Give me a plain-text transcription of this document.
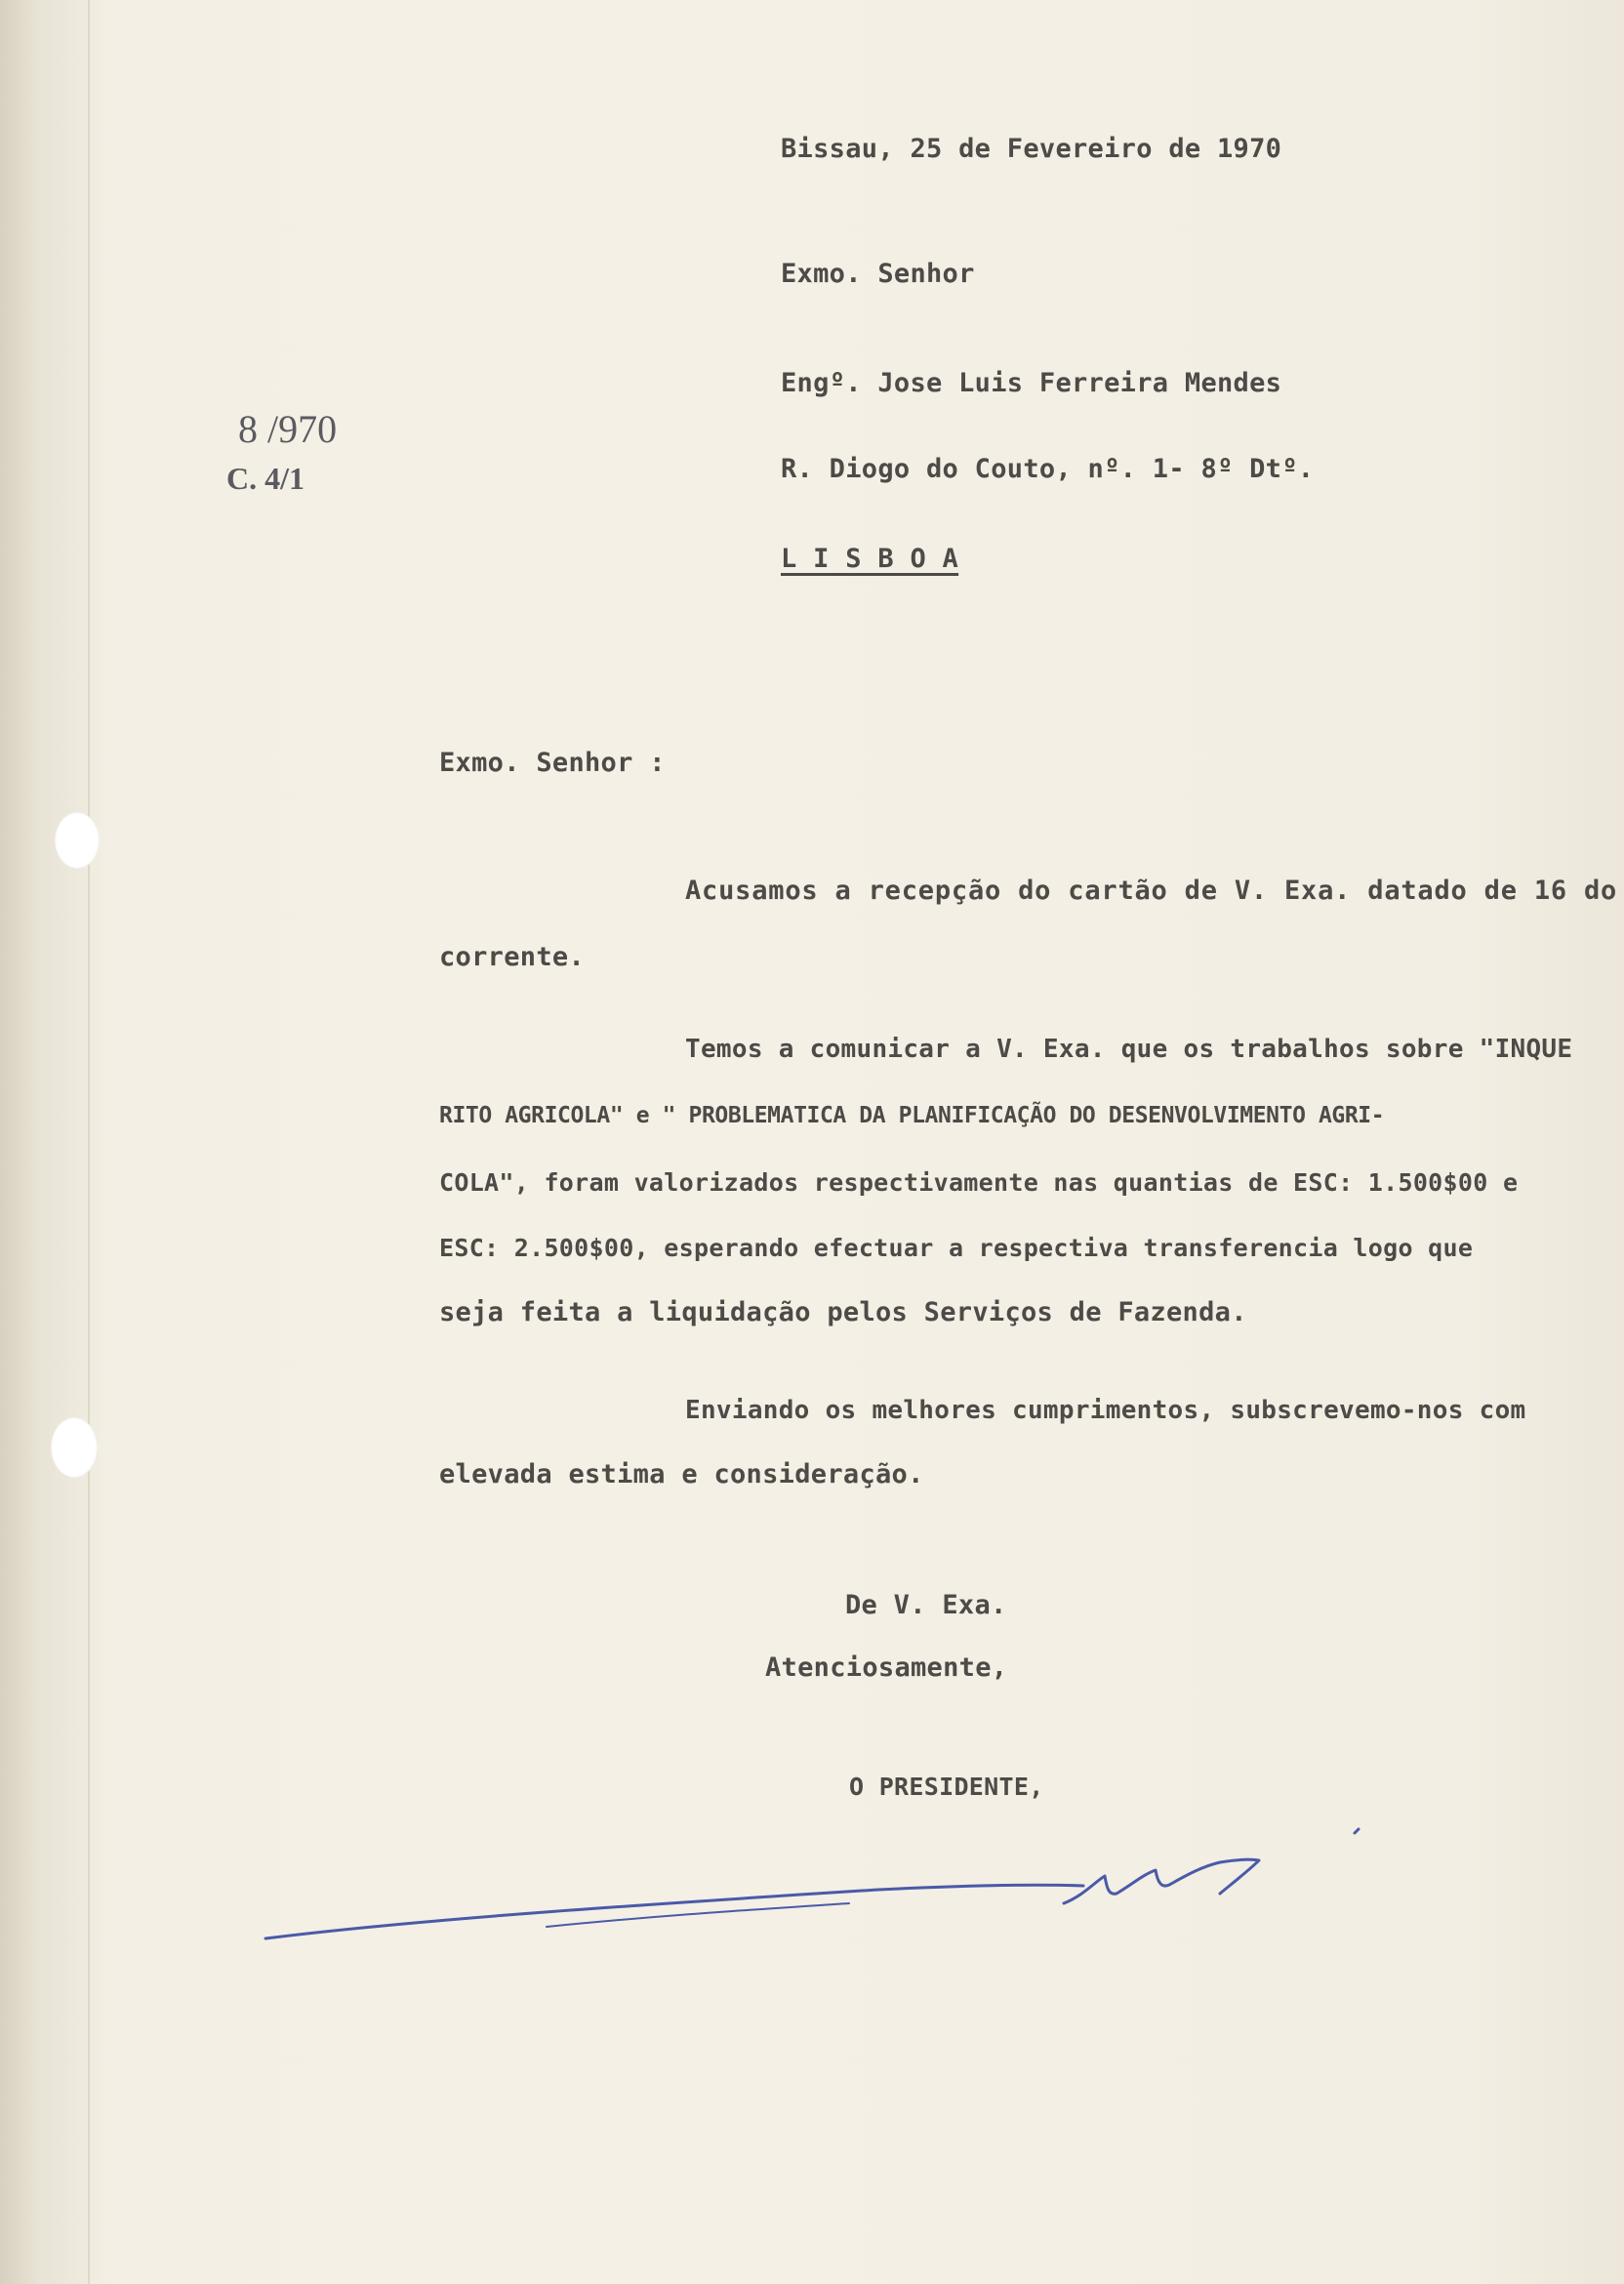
Bissau, 25 de Fevereiro de 1970
Exmo. Senhor
Engº. Jose Luis Ferreira Mendes
R. Diogo do Couto, nº. 1- 8º Dtº.
L I S B O A
8 /970
C. 4/1
Exmo. Senhor :
Acusamos a recepção do cartão de V. Exa. datado de 16 do
corrente.
Temos a comunicar a V. Exa. que os trabalhos sobre "INQUE
RITO AGRICOLA" e " PROBLEMATICA DA PLANIFICAÇÃO DO DESENVOLVIMENTO AGRI-
COLA", foram valorizados respectivamente nas quantias de ESC: 1.500$00 e
ESC: 2.500$00, esperando efectuar a respectiva transferencia logo que
seja feita a liquidação pelos Serviços de Fazenda.
Enviando os melhores cumprimentos, subscrevemo-nos com
elevada estima e consideração.
De V. Exa.
Atenciosamente,
O PRESIDENTE,
